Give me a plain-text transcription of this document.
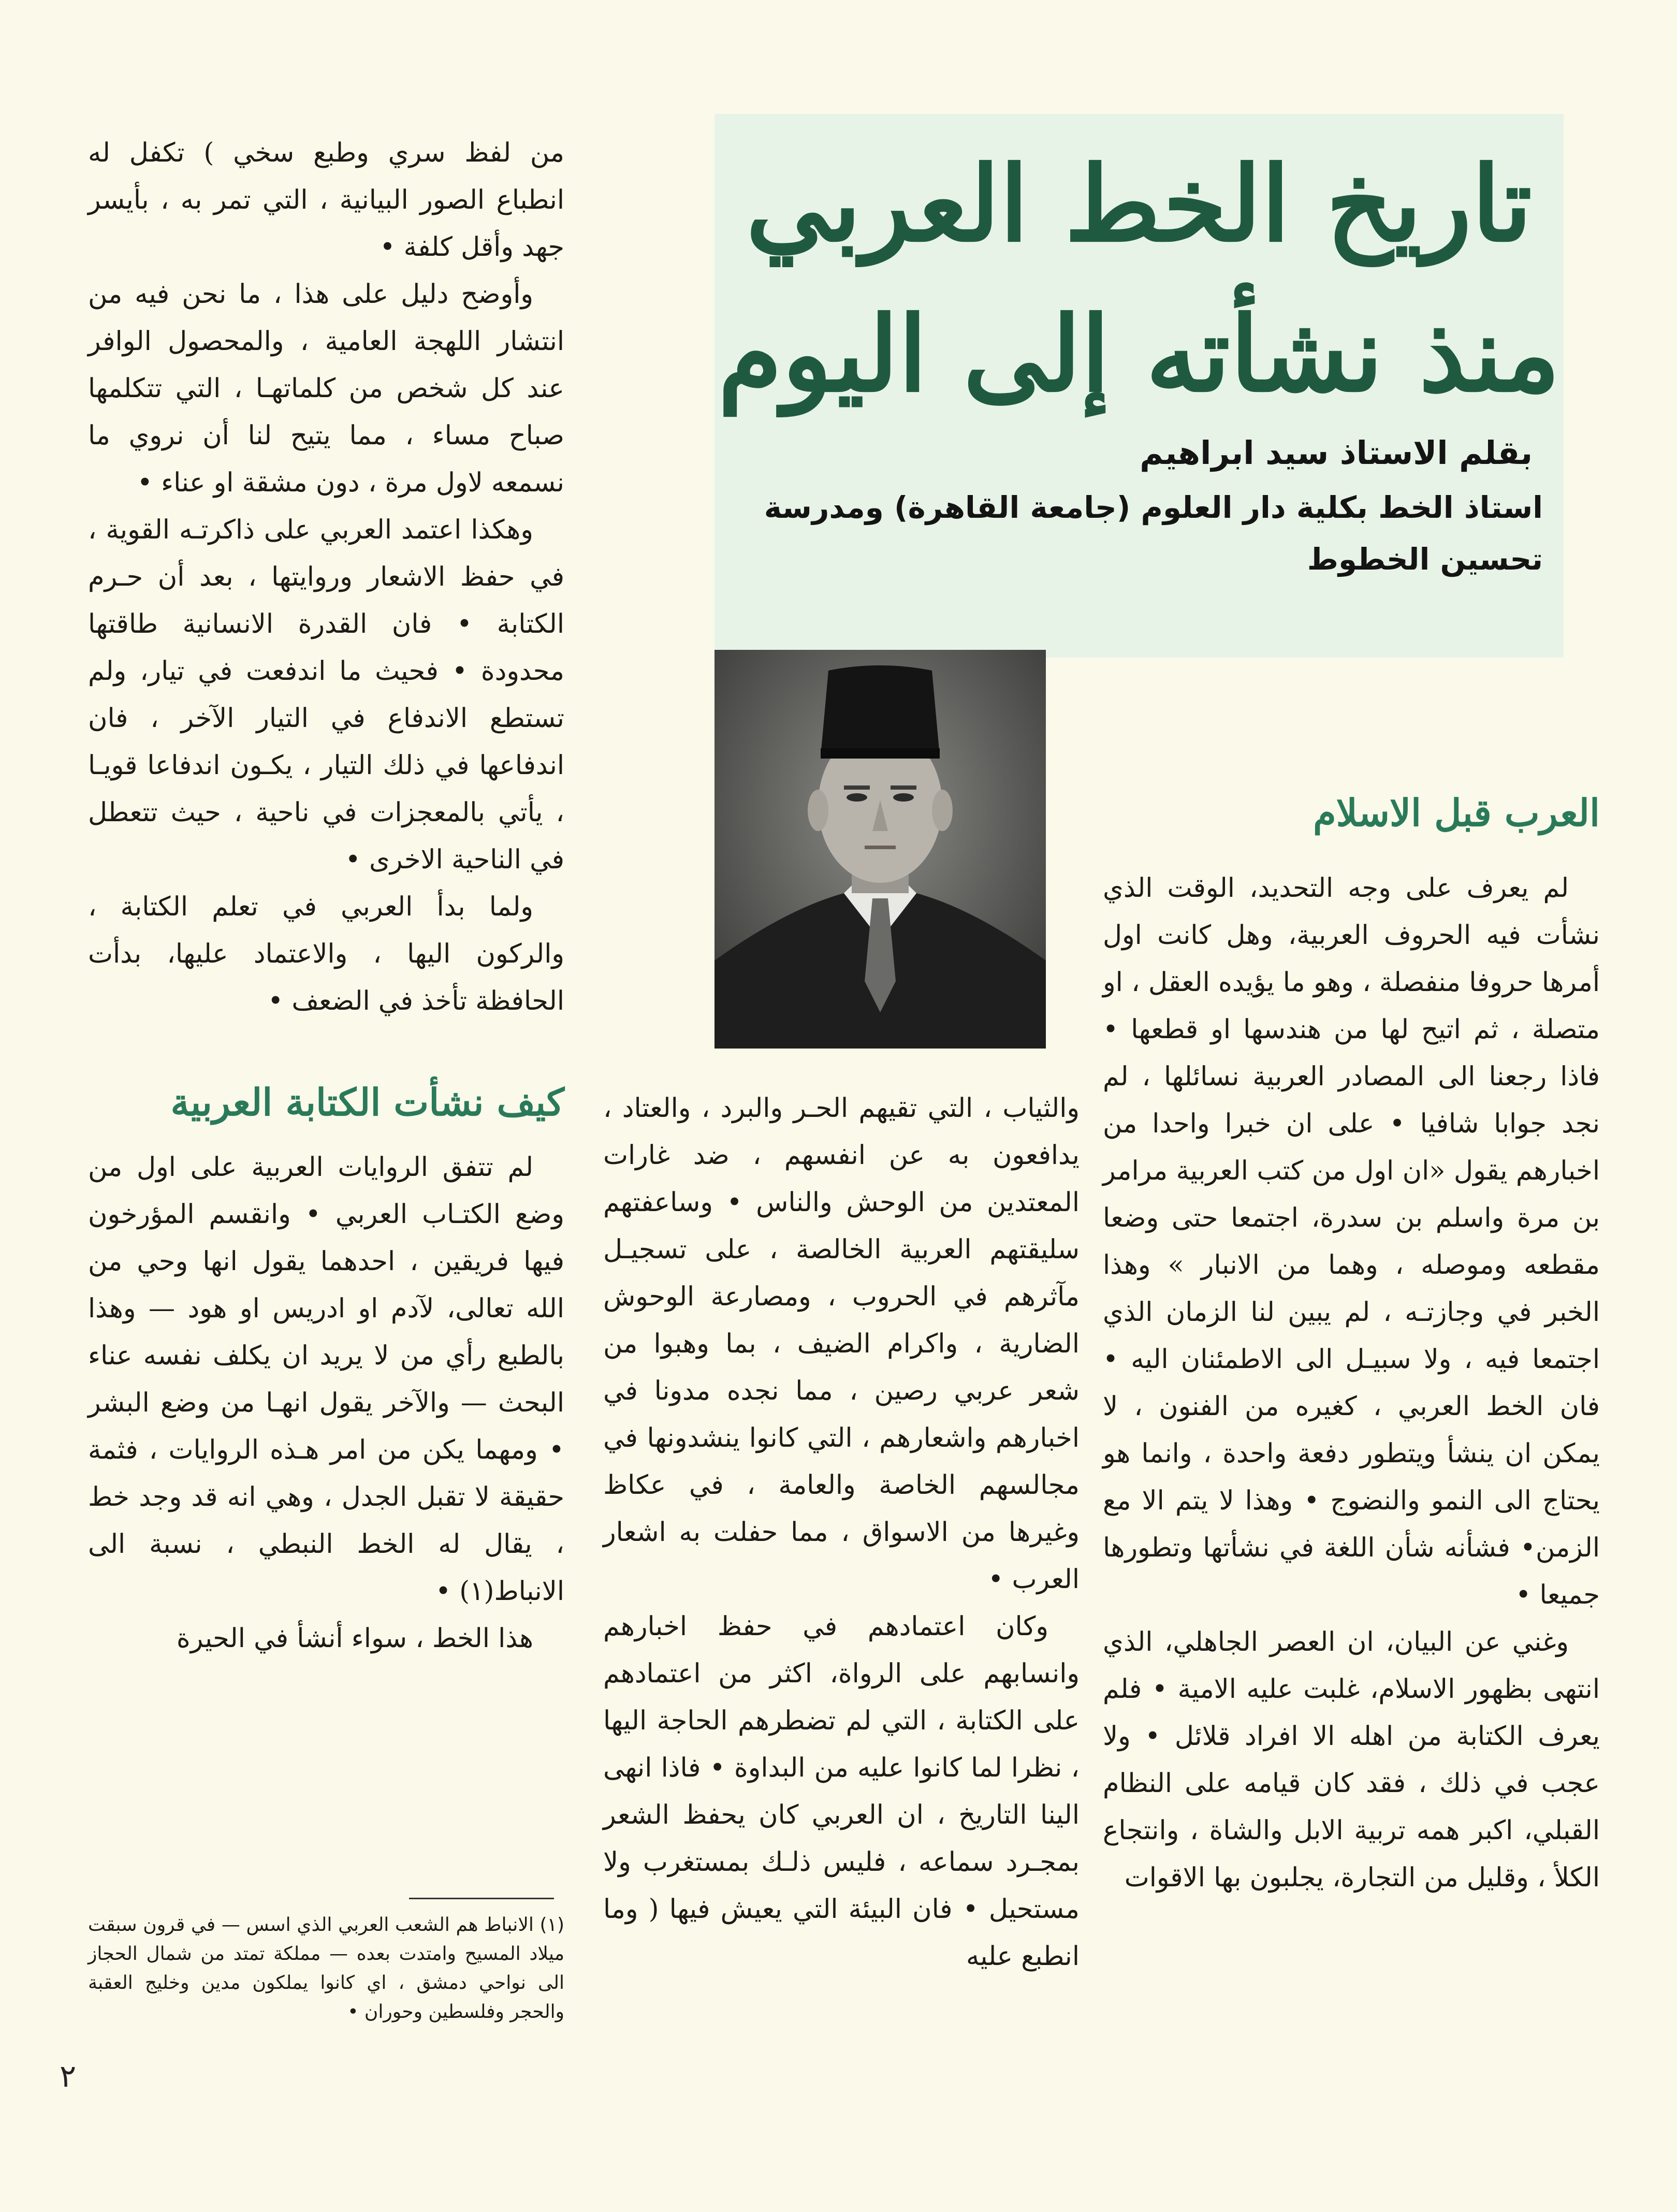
تاريخ الخط العربي
منذ نشأته إلى اليوم
بقلم الاستاذ سيد ابراهيم
استاذ الخط بكلية دار العلوم (جامعة القاهرة) ومدرسة تحسين الخطوط
العرب قبل الاسلام

لم يعرف على وجه التحديد، الوقت الذي نشأت فيه الحروف العربية، وهل كانت اول أمرها حروفا منفصلة ، وهو ما يؤيده العقل ، او متصلة ، ثم اتيح لها من هندسها او قطعها • فاذا رجعنا الى المصادر العربية نسائلها ، لم نجد جوابا شافيا • على ان خبرا واحدا من اخبارهم يقول «ان اول من كتب العربية مرامر بن مرة واسلم بن سدرة، اجتمعا حتى وضعا مقطعه وموصله ، وهما من الانبار » وهذا الخبر في وجازتـه ، لم يبين لنا الزمان الذي اجتمعا فيه ، ولا سبيـل الى الاطمئنان اليه • فان الخط العربي ، كغيره من الفنون ، لا يمكن ان ينشأ ويتطور دفعة واحدة ، وانما هو يحتاج الى النمو والنضوج • وهذا لا يتم الا مع الزمن• فشأنه شأن اللغة في نشأتها وتطورها جميعا •

وغني عن البيان، ان العصر الجاهلي، الذي انتهى بظهور الاسلام، غلبت عليه الامية • فلم يعرف الكتابة من اهله الا افراد قلائل • ولا عجب في ذلك ، فقد كان قيامه على النظام القبلي، اكبر همه تربية الابل والشاة ، وانتجاع الكلأ ، وقليل من التجارة، يجلبون بها الاقوات

والثياب ، التي تقيهم الحـر والبرد ، والعتاد ، يدافعون به عن انفسهم ، ضد غارات المعتدين من الوحش والناس • وساعفتهم سليقتهم العربية الخالصة ، على تسجيـل مآثرهم في الحروب ، ومصارعة الوحوش الضارية ، واكرام الضيف ، بما وهبوا من شعر عربي رصين ، مما نجده مدونا في اخبارهم واشعارهم ، التي كانوا ينشدونها في مجالسهم الخاصة والعامة ، في عكاظ وغيرها من الاسواق ، مما حفلت به اشعار العرب •

وكان اعتمادهم في حفظ اخبارهم وانسابهم على الرواة، اكثر من اعتمادهم على الكتابة ، التي لم تضطرهم الحاجة اليها ، نظرا لما كانوا عليه من البداوة • فاذا انهى الينا التاريخ ، ان العربي كان يحفظ الشعر بمجـرد سماعه ، فليس ذلـك بمستغرب ولا مستحيل • فان البيئة التي يعيش فيها ( وما انطبع عليه

من لفظ سري وطبع سخي ) تكفل له انطباع الصور البيانية ، التي تمر به ، بأيسر جهد وأقل كلفة •

وأوضح دليل على هذا ، ما نحن فيه من انتشار اللهجة العامية ، والمحصول الوافر عند كل شخص من كلماتهـا ، التي تتكلمها صباح مساء ، مما يتيح لنا أن نروي ما نسمعه لاول مرة ، دون مشقة او عناء •

وهكذا اعتمد العربي على ذاكرتـه القوية ، في حفظ الاشعار وروايتها ، بعد أن حـرم الكتابة • فان القدرة الانسانية طاقتها محدودة • فحيث ما اندفعت في تيار، ولم تستطع الاندفاع في التيار الآخر ، فان اندفاعها في ذلك التيار ، يكـون اندفاعا قويـا ، يأتي بالمعجزات في ناحية ، حيث تتعطل في الناحية الاخرى •

ولما بدأ العربي في تعلم الكتابة ، والركون اليها ، والاعتماد عليها، بدأت الحافظة تأخذ في الضعف •

كيف نشأت الكتابة العربية

لم تتفق الروايات العربية على اول من وضع الكتـاب العربي • وانقسم المؤرخون فيها فريقين ، احدهما يقول انها وحي من الله تعالى، لآدم او ادريس او هود — وهذا بالطبع رأي من لا يريد ان يكلف نفسه عناء البحث — والآخر يقول انهـا من وضع البشر • ومهما يكن من امر هـذه الروايات ، فثمة حقيقة لا تقبل الجدل ، وهي انه قد وجد خط ، يقال له الخط النبطي ، نسبة الى الانباط(١) •

هذا الخط ، سواء أنشأ في الحيرة

(١) الانباط هم الشعب العربي الذي اسس — في قرون سبقت ميلاد المسيح وامتدت بعده — مملكة تمتد من شمال الحجاز الى نواحي دمشق ، اي كانوا يملكون مدين وخليج العقبة والحجر وفلسطين وحوران •
٢
